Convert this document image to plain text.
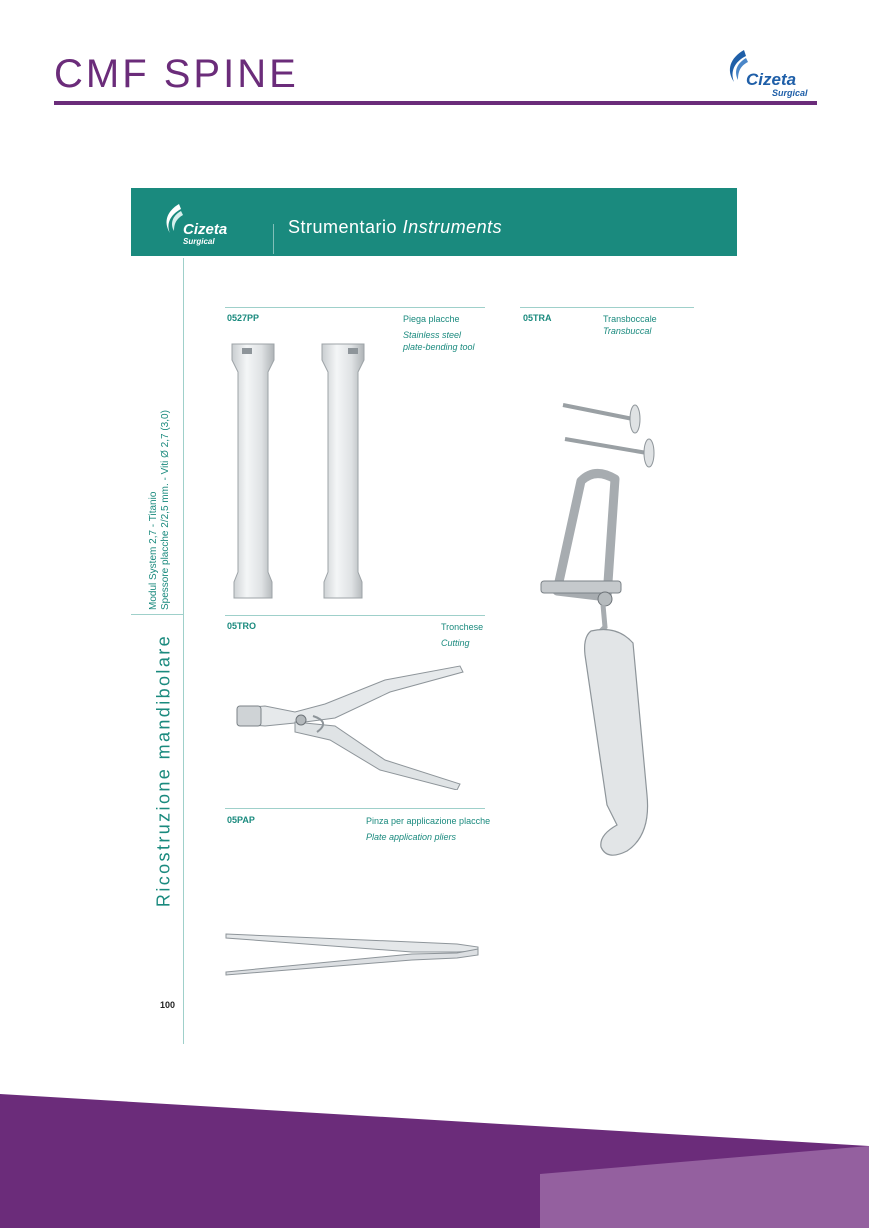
CMF SPINE	Cizeta
Surgical
Cizeta
Surgical
Strumentario Instruments
Modul System 2,7 - Titanio Spessore placche 2/2,5 mm. - Viti Ø 2,7 (3,0)
Ricostruzione mandibolare
100
0527PP	Piega placche
Stainless steel
plate-bending tool
05TRO	Tronchese
Cutting
05PAP	Pinza per applicazione placche
Plate application pliers
05TRA	Transboccale
Transbuccal
